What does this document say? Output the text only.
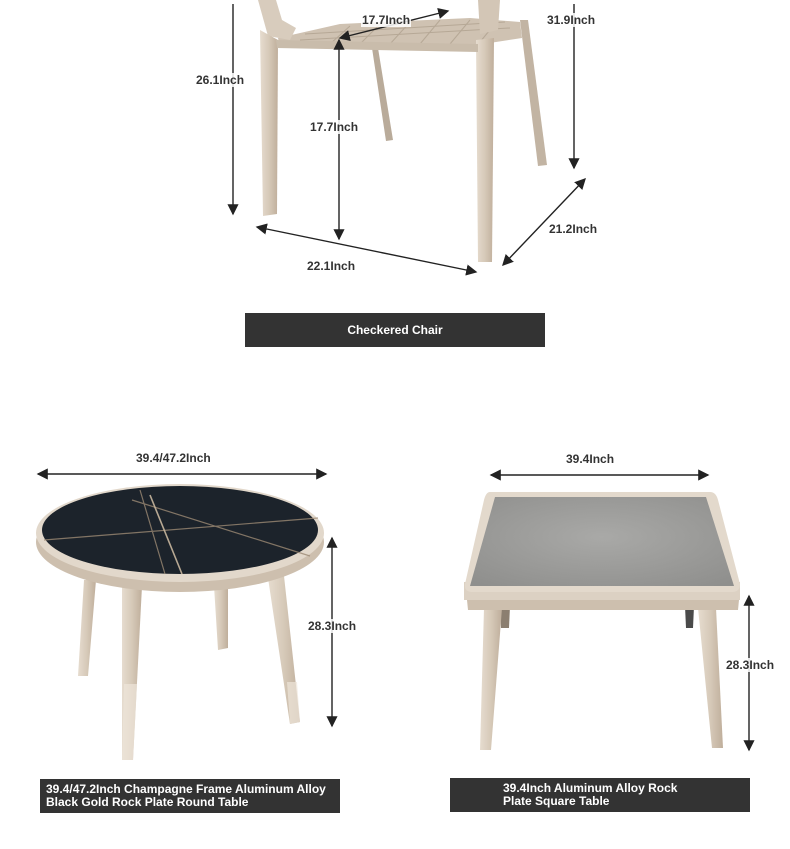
17.7Inch	31.9Inch
26.1Inch
17.7Inch
21.2Inch
22.1Inch
Checkered Chair
39.4/47.2Inch
28.3Inch
39.4/47.2Inch Champagne Frame Aluminum Alloy
Black Gold Rock Plate Round Table
39.4Inch
28.3Inch
39.4Inch Aluminum Alloy Rock
Plate Square Table
